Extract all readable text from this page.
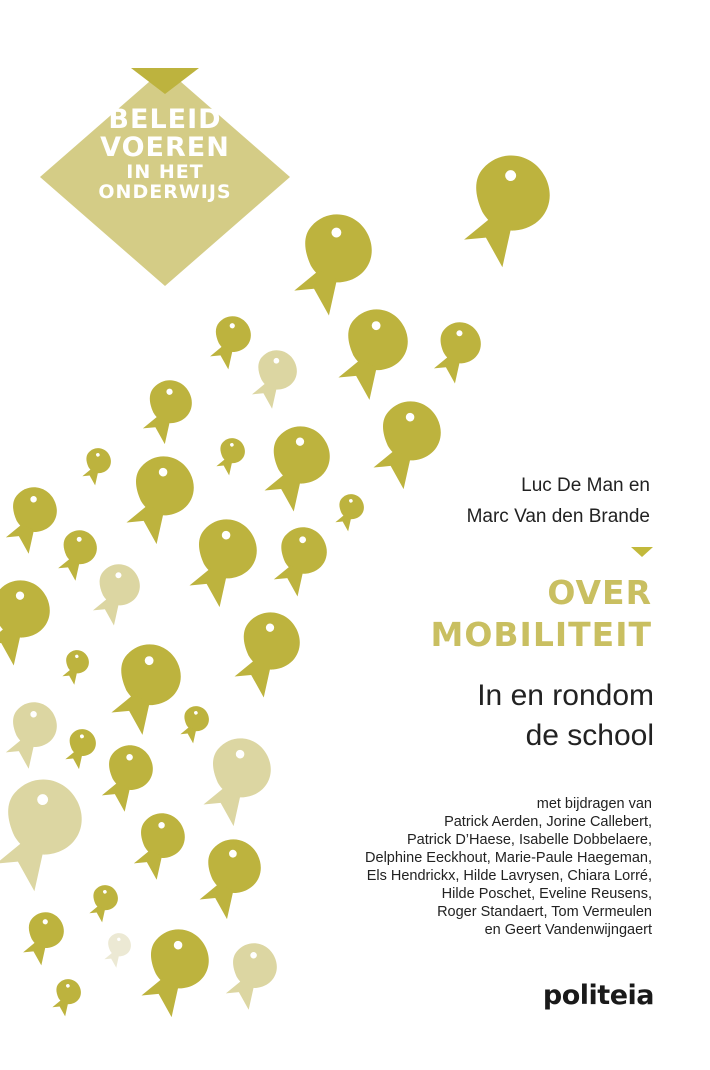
BELEID
VOEREN
IN HET
ONDERWIJS
Luc De Man en
Marc Van den Brande
OVER
MOBILITEIT
In en rondom
de school
met bijdragen van
Patrick Aerden, Jorine Callebert,
Patrick D’Haese, Isabelle Dobbelaere,
Delphine Eeckhout, Marie-Paule Haegeman,
Els Hendrickx, Hilde Lavrysen, Chiara Lorré,
Hilde Poschet, Eveline Reusens,
Roger Standaert, Tom Vermeulen
en Geert Vandenwijngaert
politeia
